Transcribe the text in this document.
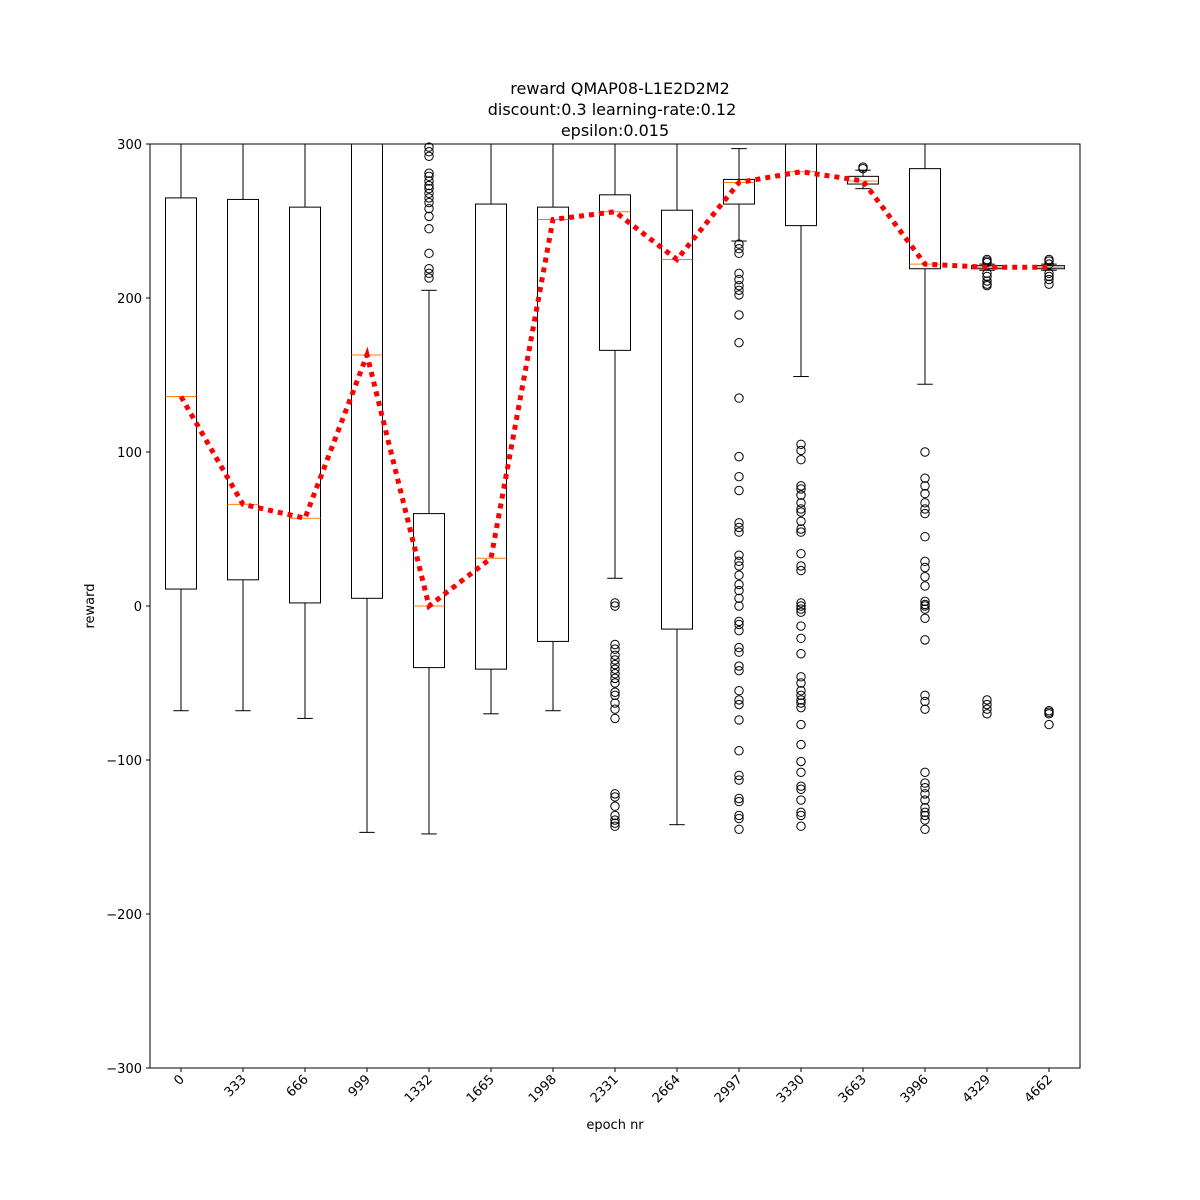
reward QMAP08-L1E2D2M2
discount:0.3 learning-rate:0.12
epsilon:0.015
−300
−200
−100
0
100
200
300
0	333	666	999 1332 1665 1998 2331 2664 2997 3330 3663 3996 4329 4662
epoch nr
reward
